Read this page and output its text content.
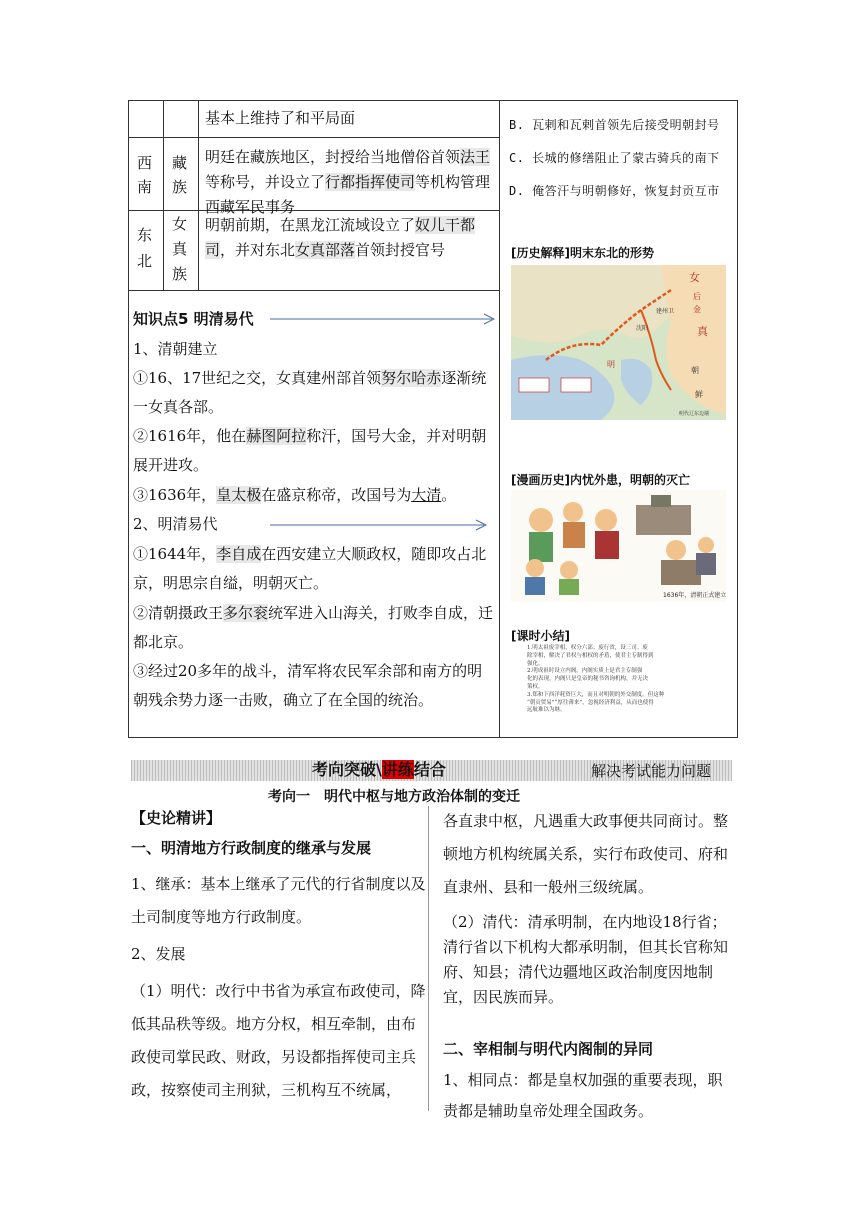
基本上维持了和平局面
西南
藏族
明廷在藏族地区，封授给当地僧俗首领法王等称号，并设立了行都指挥使司等机构管理西藏军民事务
东北
女真族
明朝前期，在黑龙江流域设立了奴儿干都司，并对东北女真部落首领封授官号
知识点5 明清易代
1、清朝建立
①16、17世纪之交，女真建州部首领努尔哈赤逐渐统一女真各部。
②1616年，他在赫图阿拉称汗，国号大金，并对明朝展开进攻。
③1636年，皇太极在盛京称帝，改国号为大清。
2、明清易代
①1644年，李自成在西安建立大顺政权，随即攻占北京，明思宗自缢，明朝灭亡。
②清朝摄政王多尔衮统军进入山海关，打败李自成，迁都北京。
③经过20多年的战斗，清军将农民军余部和南方的明朝残余势力逐一击败，确立了在全国的统治。
B. 瓦剌和瓦剌首领先后接受明朝封号
C. 长城的修缮阻止了蒙古骑兵的南下
D. 俺答汗与明朝修好，恢复封贡互市
[历史解释]明末东北的形势
女
后
金
真
建州卫
沈阳
明
朝
鲜
明代辽东边墙
[漫画历史]内忧外患，明朝的灭亡
1636年，清朝正式建立
[课时小结]
1.明太祖废宰相，权分六部；废行省，设三司。废
除宰相，解决了君权与相权的矛盾，使君主专制得到
强化。
2.明成祖时设立内阁。内阁实质上是君主专制强
化的表现。内阁只是皇帝的秘书咨询机构，并无决
策权。
3.郑和下西洋耗资巨大，而且对明朝的外交制度。但这种
“朝贡贸易”“厚往薄来”，忽视经济利益，从而也使得
远航难以为继。
考向突破\讲练结合	解决考试能力问题
考向一　明代中枢与地方政治体制的变迁
【史论精讲】
一、明清地方行政制度的继承与发展
1、继承：基本上继承了元代的行省制度以及土司制度等地方行政制度。
2、发展
（1）明代：改行中书省为承宣布政使司，降低其品秩等级。地方分权，相互牵制，由布政使司掌民政、财政，另设都指挥使司主兵政，按察使司主刑狱，三机构互不统属，
各直隶中枢，凡遇重大政事便共同商讨。整顿地方机构统属关系，实行布政使司、府和直隶州、县和一般州三级统属。
（2）清代：清承明制，在内地设18行省；清行省以下机构大都承明制，但其长官称知府、知县；清代边疆地区政治制度因地制宜，因民族而异。
二、宰相制与明代内阁制的异同
1、相同点：都是皇权加强的重要表现，职责都是辅助皇帝处理全国政务。
